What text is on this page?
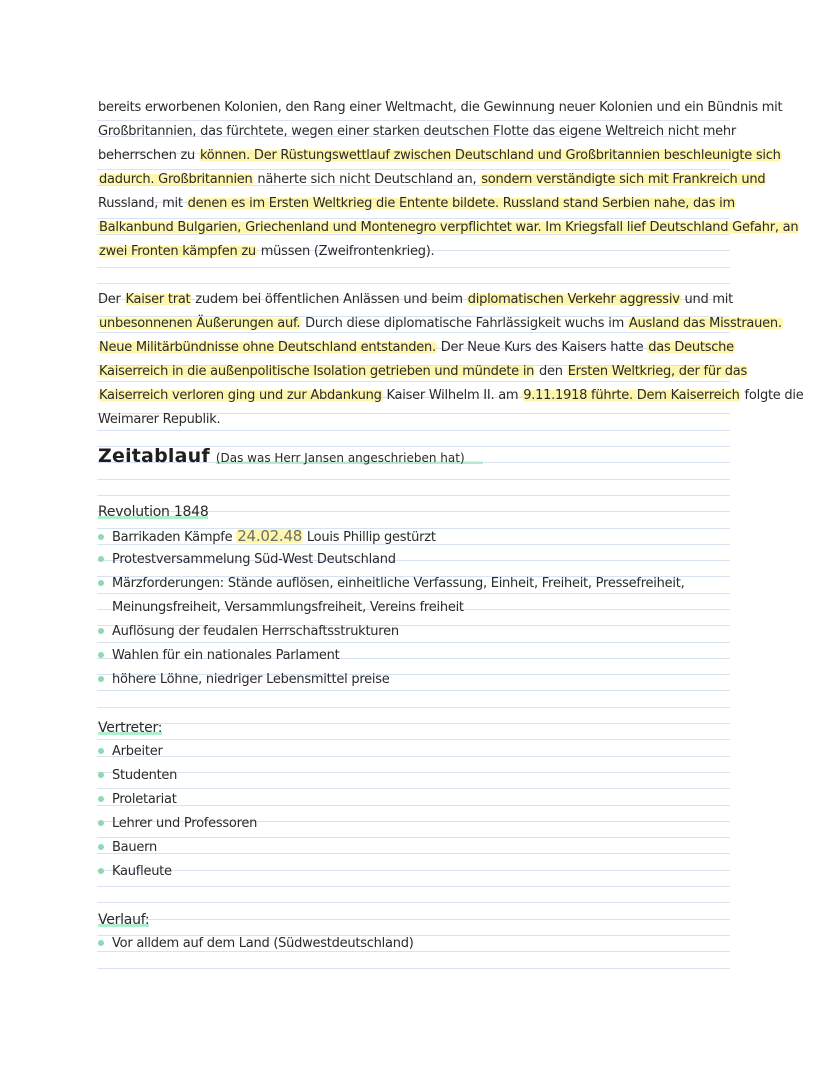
bereits erworbenen Kolonien, den Rang einer Weltmacht, die Gewinnung neuer Kolonien und ein Bündnis mit
Großbritannien, das fürchtete, wegen einer starken deutschen Flotte das eigene Weltreich nicht mehr
beherrschen zu können. Der Rüstungswettlauf zwischen Deutschland und Großbritannien beschleunigte sich
dadurch. Großbritannien näherte sich nicht Deutschland an, sondern verständigte sich mit Frankreich und
Russland, mit denen es im Ersten Weltkrieg die Entente bildete. Russland stand Serbien nahe, das im
Balkanbund Bulgarien, Griechenland und Montenegro verpflichtet war. Im Kriegsfall lief Deutschland Gefahr, an
zwei Fronten kämpfen zu müssen (Zweifrontenkrieg).
Der Kaiser trat zudem bei öffentlichen Anlässen und beim diplomatischen Verkehr aggressiv und mit
unbesonnenen Äußerungen auf. Durch diese diplomatische Fahrlässigkeit wuchs im Ausland das Misstrauen.
Neue Militärbündnisse ohne Deutschland entstanden. Der Neue Kurs des Kaisers hatte das Deutsche
Kaiserreich in die außenpolitische Isolation getrieben und mündete in den Ersten Weltkrieg, der für das
Kaiserreich verloren ging und zur Abdankung Kaiser Wilhelm II. am 9.11.1918 führte. Dem Kaiserreich folgte die
Weimarer Republik.
Zeitablauf (Das was Herr Jansen angeschrieben hat)
Revolution 1848
Barrikaden Kämpfe 24.02.48 Louis Phillip gestürzt
Protestversammelung Süd-West Deutschland
Märzforderungen: Stände auflösen, einheitliche Verfassung, Einheit, Freiheit, Pressefreiheit,
Meinungsfreiheit, Versammlungsfreiheit, Vereins freiheit
Auflösung der feudalen Herrschaftsstrukturen
Wahlen für ein nationales Parlament
höhere Löhne, niedriger Lebensmittel preise
Vertreter:
Arbeiter
Studenten
Proletariat
Lehrer und Professoren
Bauern
Kaufleute
Verlauf:
Vor alldem auf dem Land (Südwestdeutschland)
